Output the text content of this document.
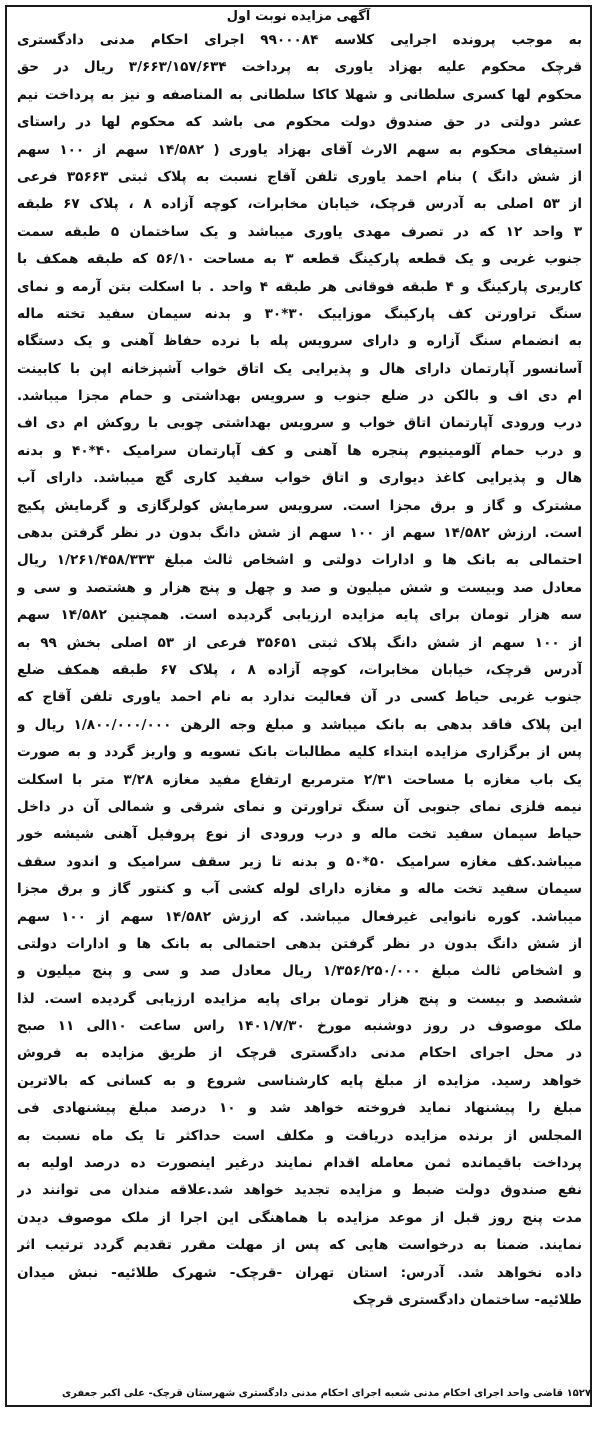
آگهی مزایده نوبت اول
به موجب پرونده اجرایی کلاسه ۹۹۰۰۰۸۴ اجرای احکام مدنی دادگستری
قرچک محکوم علیه بهزاد یاوری به پرداخت ۳/۶۶۳/۱۵۷/۶۳۴ ریال در حق
محکوم لها کسری سلطانی و شهلا کاکا سلطانی به المناصفه و نیز به پرداخت نیم
عشر دولتی در حق صندوق دولت محکوم می باشد که محکوم لها در راستای
استیفای محکوم به سهم الارث آقای بهزاد یاوری ( ۱۴/۵۸۲ سهم از ۱۰۰ سهم
از شش دانگ ) بنام احمد یاوری تلفن آقاج نسبت به پلاک ثبتی ۳۵۶۶۳ فرعی
از ۵۳ اصلی به آدرس قرچک، خیابان مخابرات، کوچه آزاده ۸ ، پلاک ۶۷ طبقه
۳ واحد ۱۲ که در تصرف مهدی یاوری میباشد و یک ساختمان ۵ طبقه سمت
جنوب غربی و یک قطعه پارکینگ قطعه ۳ به مساحت ۵۶/۱۰ که طبقه همکف با
کاربری پارکینگ و ۴ طبقه فوقانی هر طبقه ۴ واحد . با اسکلت بتن آرمه و نمای
سنگ تراورتن کف پارکینگ موزاییک ۳۰*۳۰ و بدنه سیمان سفید تخته ماله
به انضمام سنگ آزاره و دارای سرویس پله با نرده حفاظ آهنی و یک دستگاه
آسانسور آپارتمان دارای هال و پذیرایی یک اتاق خواب آشپزخانه اپن با کابینت
ام دی اف و بالکن در ضلع جنوب و سرویس بهداشتی و حمام مجزا میباشد.
درب ورودی آپارتمان اتاق خواب و سرویس بهداشتی چوبی با روکش ام دی اف
و درب حمام آلومینیوم پنجره ها آهنی و کف آپارتمان سرامیک ۴۰*۴۰ و بدنه
هال و پذیرایی کاغذ دیواری و اتاق خواب سفید کاری گچ میباشد. دارای آب
مشترک و گاز و برق مجزا است. سرویس سرمایش کولرگازی و گرمایش پکیج
است. ارزش ۱۴/۵۸۲ سهم از ۱۰۰ سهم از شش دانگ بدون در نظر گرفتن بدهی
احتمالی به بانک ها و ادارات دولتی و اشخاص ثالث مبلغ ۱/۲۶۱/۴۵۸/۳۳۳ ریال
معادل صد وبیست و شش میلیون و صد و چهل و پنج هزار و هشتصد و سی و
سه هزار تومان برای پایه مزایده ارزیابی گردیده است. همچنین ۱۴/۵۸۲ سهم
از ۱۰۰ سهم از شش دانگ پلاک ثبتی ۳۵۶۵۱ فرعی از ۵۳ اصلی بخش ۹۹ به
آدرس قرچک، خیابان مخابرات، کوچه آزاده ۸ ، پلاک ۶۷ طبقه همکف ضلع
جنوب غربی حیاط کسی در آن فعالیت ندارد به نام احمد یاوری تلفن آقاج که
این پلاک فاقد بدهی به بانک میباشد و مبلغ وجه الرهن ۱/۸۰۰/۰۰۰/۰۰۰ ریال و
پس از برگزاری مزایده ابتداء کلیه مطالبات بانک تسویه و واریز گردد و به صورت
یک باب مغازه با مساحت ۲/۳۱ مترمربع ارتفاع مفید مغازه ۳/۲۸ متر با اسکلت
نیمه فلزی نمای جنوبی آن سنگ تراورتن و نمای شرقی و شمالی آن در داخل
حیاط سیمان سفید تخت ماله و درب ورودی از نوع پروفیل آهنی شیشه خور
میباشد.کف مغازه سرامیک ۵۰*۵۰ و بدنه تا زیر سقف سرامیک و اندود سقف
سیمان سفید تخت ماله و مغازه دارای لوله کشی آب و کنتور گاز و برق مجزا
میباشد. کوره نانوایی غیرفعال میباشد. که ارزش ۱۴/۵۸۲ سهم از ۱۰۰ سهم
از شش دانگ بدون در نظر گرفتن بدهی احتمالی به بانک ها و ادارات دولتی
و اشخاص ثالث مبلغ ۱/۳۵۶/۲۵۰/۰۰۰ ریال معادل صد و سی و پنج میلیون و
ششصد و بیست و پنج هزار تومان برای پایه مزایده ارزیابی گردیده است. لذا
ملک موصوف در روز دوشنبه مورخ ۱۴۰۱/۷/۳۰ راس ساعت ۱۰الی ۱۱ صبح
در محل اجرای احکام مدنی دادگستری قرچک از طریق مزایده به فروش
خواهد رسید. مزایده از مبلغ پایه کارشناسی شروع و به کسانی که بالاترین
مبلغ را پیشنهاد نماید فروخته خواهد شد و ۱۰ درصد مبلغ پیشنهادی فی
المجلس از برنده مزایده دریافت و مکلف است حداکثر تا یک ماه نسبت به
پرداخت باقیمانده ثمن معامله اقدام نمایند درغیر اینصورت ده درصد اولیه به
نفع صندوق دولت ضبط و مزایده تجدید خواهد شد.علاقه مندان می توانند در
مدت پنج روز قبل از موعد مزایده با هماهنگی این اجرا از ملک موصوف دیدن
نمایند. ضمنا به درخواست هایی که پس از مهلت مقرر تقدیم گردد ترتیب اثر
داده نخواهد شد. آدرس: استان تهران -قرچک- شهرک طلائیه- نبش میدان
طلائیه- ساختمان دادگستری قرچک
۱۵۲۷ قاضی واحد اجرای احکام مدنی شعبه اجرای احکام مدنی دادگستری شهرستان قرچک- علی اکبر جعفری
